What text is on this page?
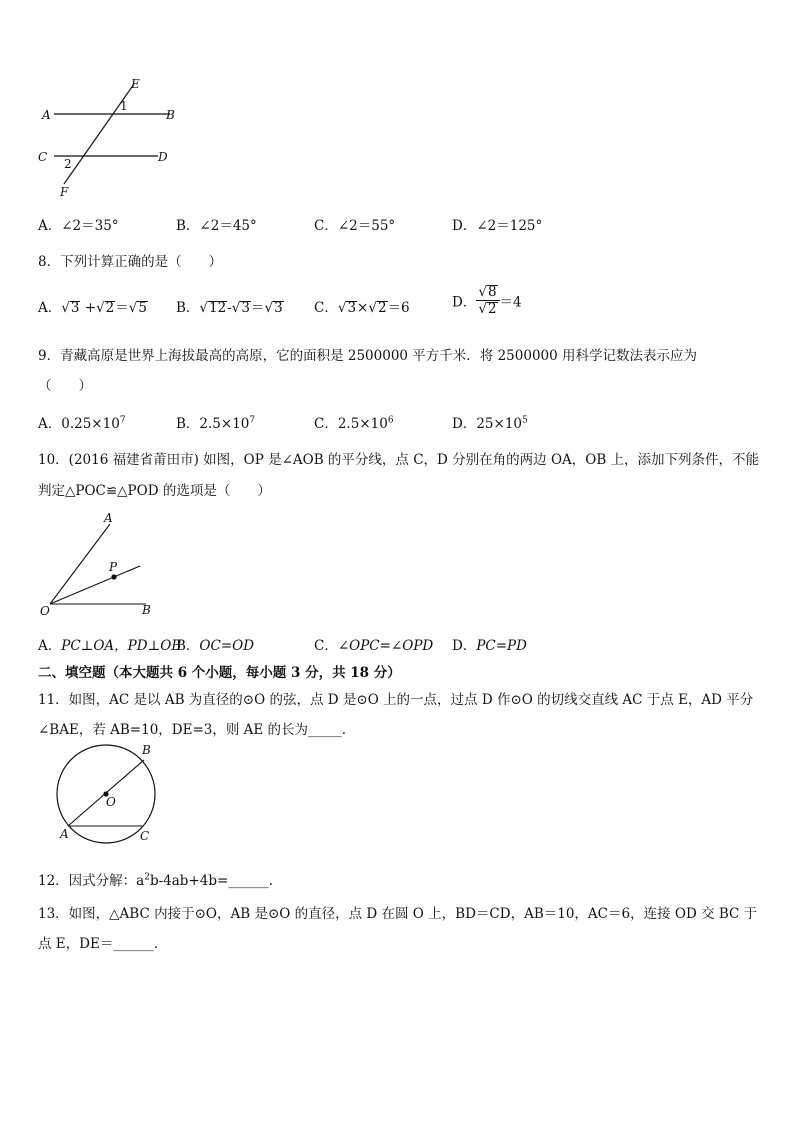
E
1
A	B
C 2	D
F
A．∠2＝35°	B．∠2＝45°	C．∠2＝55°	D．∠2＝125°
8．下列计算正确的是（　　）
A．√3 +√2＝√5 B．√12-√3＝√3 C．√3×√2＝6	D． $\frac{√8}{√2} =4$
9．青藏高原是世界上海拔最高的高原，它的面积是 2500000 平方千米．将 2500000 用科学记数法表示应为
（　　）
A．$0.25\times 10^7$	B．$2.5\times 10^7$	C．$2.5\times 10^6$	D．$25\times 10^5$
10．(2016 福建省莆田市) 如图，OP 是∠AOB 的平分线，点 C，D 分别在角的两边 OA，OB 上，添加下列条件，不能
判定△POC≌△POD 的选项是（　　）
A
P
O	B
A．PC⊥OA，PD⊥OB
B．OC=OD	C．∠OPC=∠OPD D．PC=PD
二、填空题（本大题共 6 个小题，每小题 3 分，共 18 分）
11．如图，AC 是以 AB 为直径的⊙O 的弦，点 D 是⊙O 上的一点，过点 D 作⊙O 的切线交直线 AC 于点 E，AD 平分
∠BAE，若 AB=10，DE=3，则 AE 的长为_____．
B
O
A	C
12．因式分解：$a^2b-4ab+4b=\_\_\_\_\_\_$．
13．如图，△ABC 内接于⊙O，AB 是⊙O 的直径，点 D 在圆 O 上，BD＝CD，AB＝10，AC＝6，连接 OD 交 BC 于
点 E，DE＝______．
